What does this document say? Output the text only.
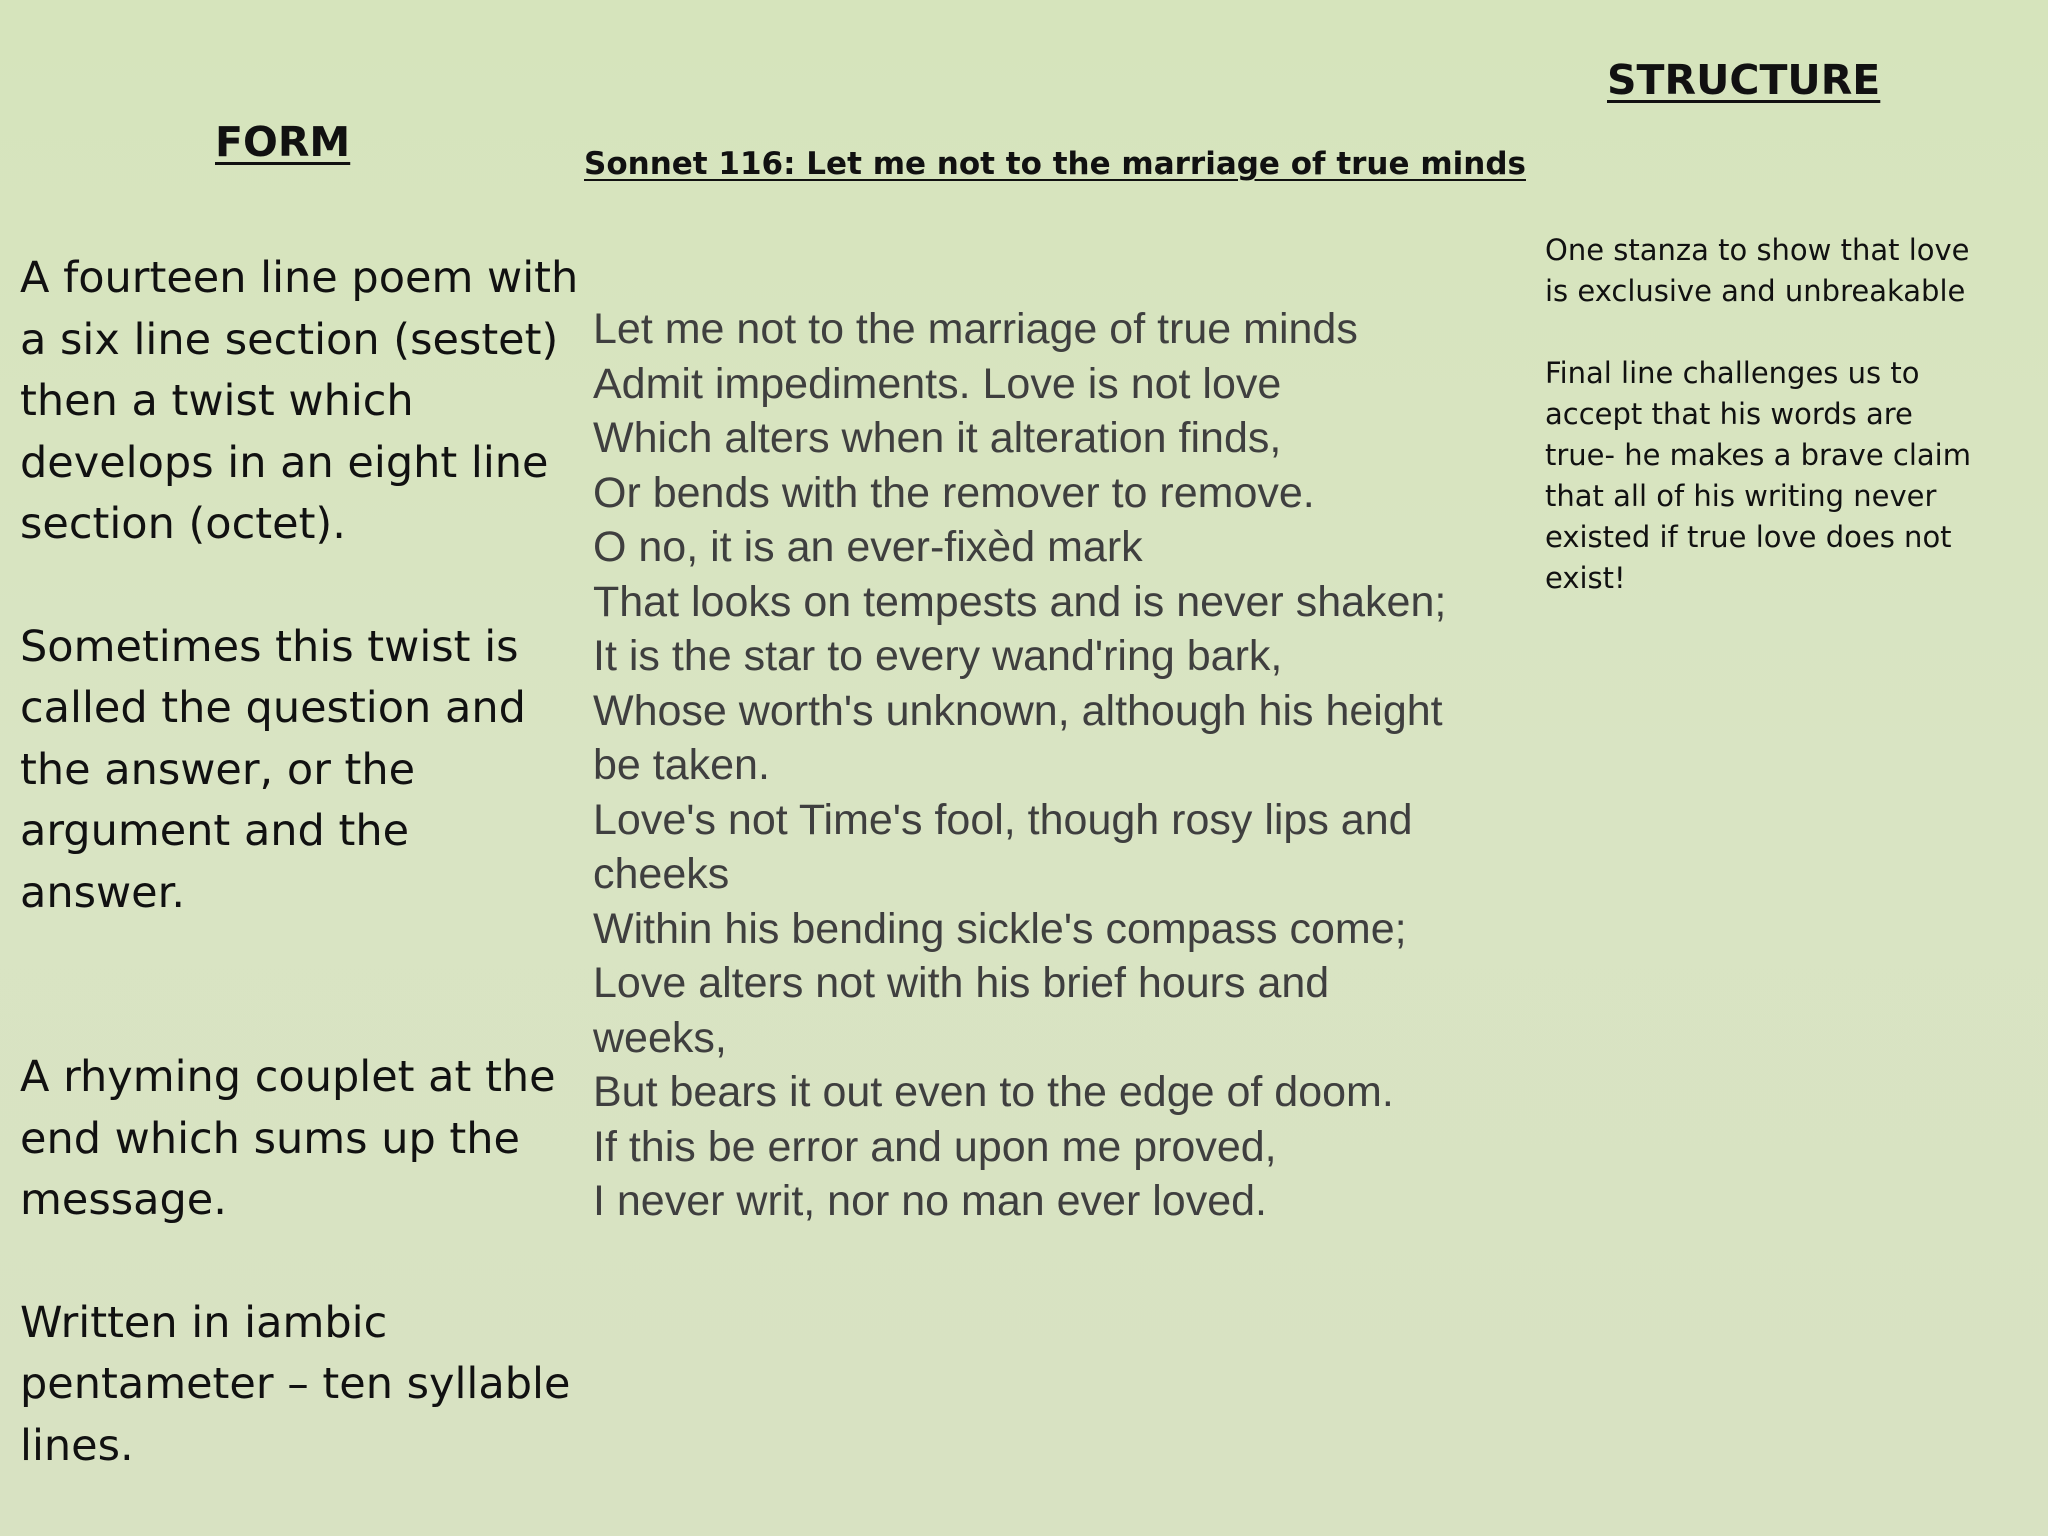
FORM	Sonnet 116: Let me not to the marriage of true minds
STRUCTURE

A fourteen line poem with
a six line section (sestet)
then a twist which
develops in an eight line
section (octet).

Sometimes this twist is
called the question and
the answer, or the
argument and the answer.

A rhyming couplet at the
end which sums up the
message.

Written in iambic
pentameter – ten syllable
lines.

Let me not to the marriage of true minds
Admit impediments. Love is not love
Which alters when it alteration finds,
Or bends with the remover to remove.
O no, it is an ever-fixèd mark
That looks on tempests and is never shaken;
It is the star to every wand'ring bark,
Whose worth's unknown, although his height
be taken.
Love's not Time's fool, though rosy lips and
cheeks
Within his bending sickle's compass come;
Love alters not with his brief hours and
weeks,
But bears it out even to the edge of doom.
If this be error and upon me proved,
I never writ, nor no man ever loved.

One stanza to show that love
is exclusive and unbreakable

Final line challenges us to
accept that his words are
true- he makes a brave claim
that all of his writing never
existed if true love does not
exist!
